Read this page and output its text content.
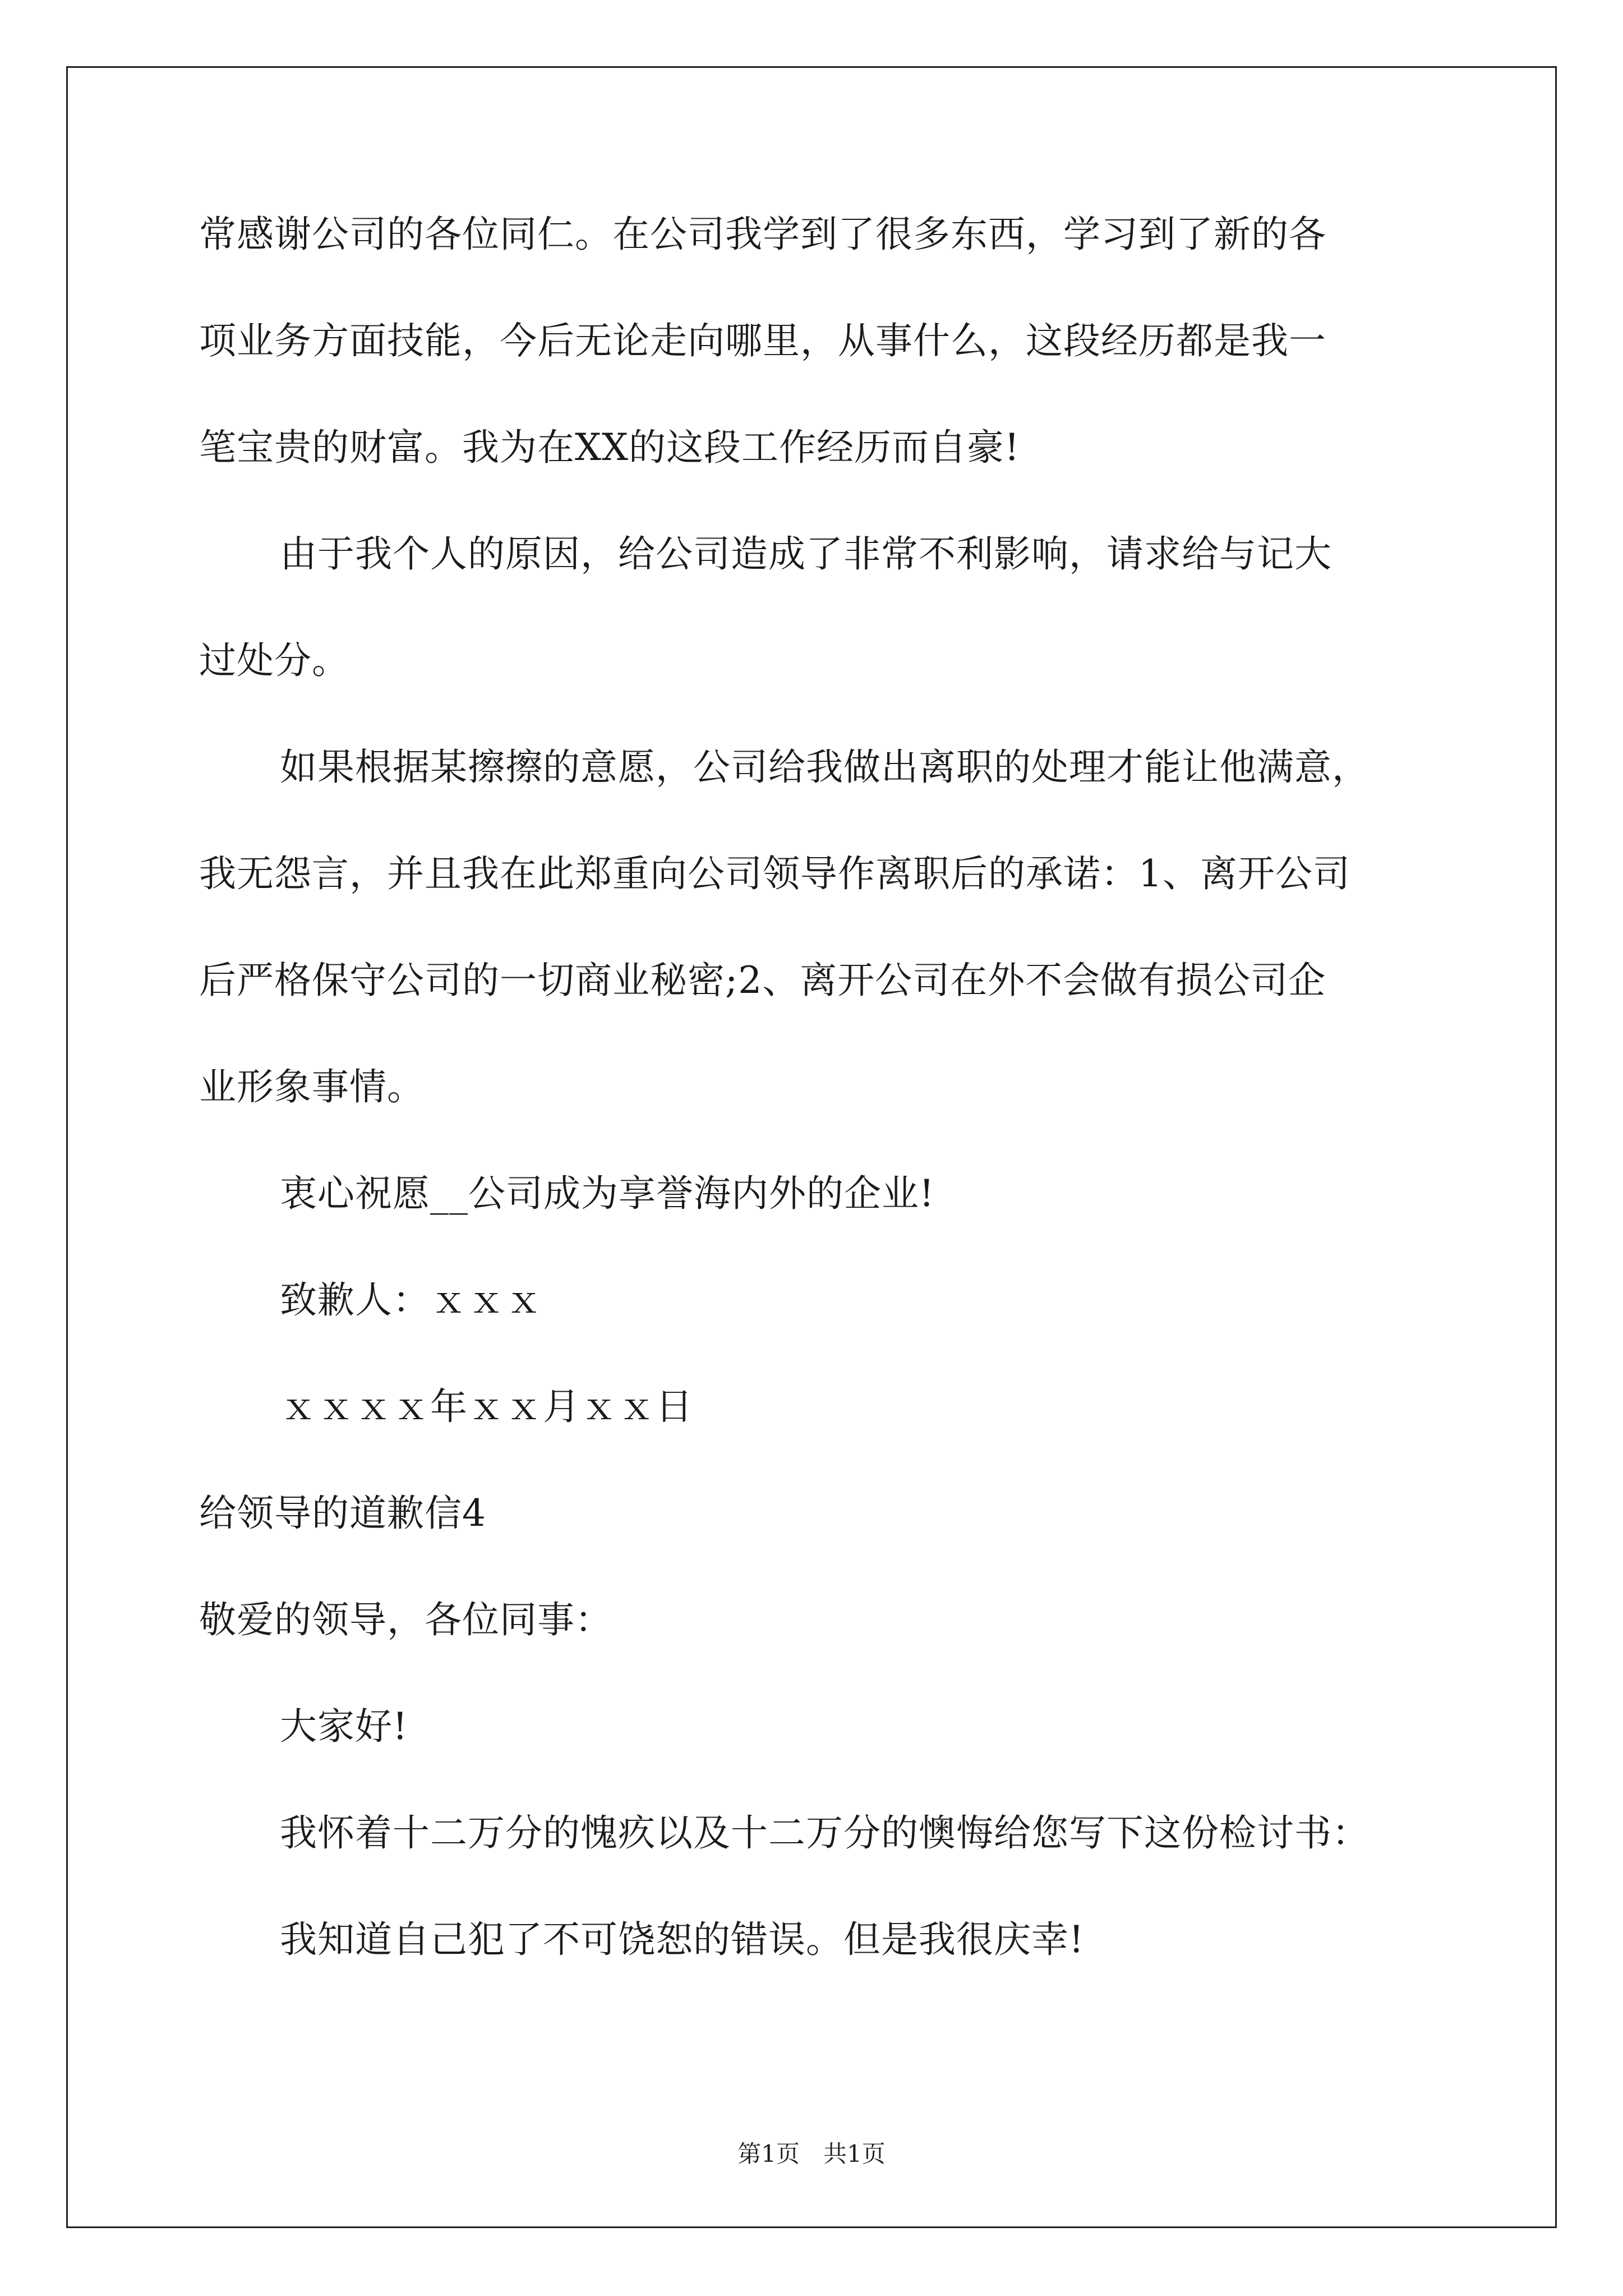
常感谢公司的各位同仁。在公司我学到了很多东西，学习到了新的各
项业务方面技能，今后无论走向哪里，从事什么，这段经历都是我一
笔宝贵的财富。我为在XX的这段工作经历而自豪!
由于我个人的原因，给公司造成了非常不利影响，请求给与记大
过处分。
如果根据某擦擦的意愿，公司给我做出离职的处理才能让他满意，
我无怨言，并且我在此郑重向公司领导作离职后的承诺：1、离开公司
后严格保守公司的一切商业秘密;2、离开公司在外不会做有损公司企
业形象事情。
衷心祝愿__公司成为享誉海内外的企业!
致歉人：ｘｘｘ
ｘｘｘｘ年ｘｘ月ｘｘ日
给领导的道歉信4
敬爱的领导，各位同事：
大家好!
我怀着十二万分的愧疚以及十二万分的懊悔给您写下这份检讨书：
我知道自己犯了不可饶恕的错误。但是我很庆幸!
第1页　共1页
